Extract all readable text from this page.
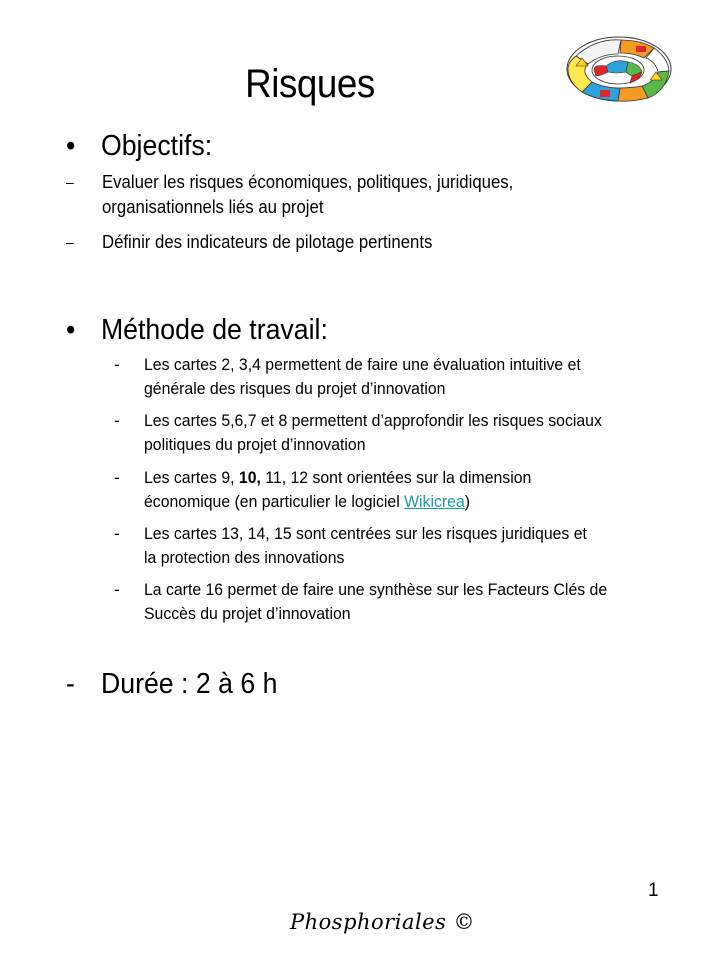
Risques
• Objectifs:
–	Evaluer les risques économiques, politiques, juridiques,
organisationnels liés au projet
–	Définir des indicateurs de pilotage pertinents
• Méthode de travail:
-	Les cartes 2, 3,4 permettent de faire une évaluation intuitive et
générale des risques du projet d’innovation
-	Les cartes 5,6,7 et 8 permettent d’approfondir les risques sociaux
politiques du projet d’innovation
-	Les cartes 9, 10, 11, 12 sont orientées sur la dimension
économique (en particulier le logiciel Wikicrea)
-	Les cartes 13, 14, 15 sont centrées sur les risques juridiques et
la protection des innovations
-	La carte 16 permet de faire une synthèse sur les Facteurs Clés de
Succès du projet d’innovation
- Durée : 2 à 6 h
1
Phosphoriales ©
